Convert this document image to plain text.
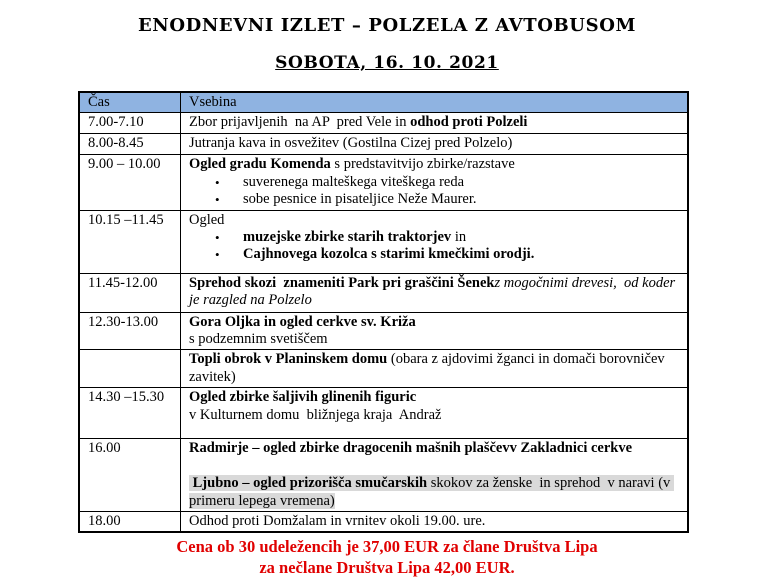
ENODNEVNI IZLET – POLZELA Z AVTOBUSOM
SOBOTA, 16. 10. 2021
Čas	Vsebina

7.00-7.10	Zbor prijavljenih  na AP  pred Vele in odhod proti Polzeli

8.00-8.45	Jutranja kava in osvežitev (Gostilna Cizej pred Polzelo)

9.00 – 10.00	Ogled gradu Komenda s predstavitvijo zbirke/razstave
• suverenega malteškega viteškega reda
• sobe pesnice in pisateljice Neže Maurer.

10.15 –11.45	Ogled
• muzejske zbirke starih traktorjev in
• Cajhnovega kozolca s starimi kmečkimi orodji.

11.45-12.00	Sprehod skozi  znameniti Park pri graščini Šenekz mogočnimi drevesi,  od koder je razgled na Polzelo

12.30-13.00	Gora Oljka in ogled cerkve sv. Križa
s podzemnim svetiščem

	Topli obrok v Planinskem domu (obara z ajdovimi žganci in domači borovničev zavitek)

14.30 –15.30	Ogled zbirke šaljivih glinenih figuric
v Kulturnem domu  bližnjega kraja  Andraž

16.00	Radmirje – ogled zbirke dragocenih mašnih plaščevv Zakladnici cerkve

Ljubno – ogled prizorišča smučarskih skokov za ženske  in sprehod  v naravi (v primeru lepega vremena)

18.00	Odhod proti Domžalam in vrnitev okoli 19.00. ure.
Cena ob 30 udeležencih je 37,00 EUR za člane Društva Lipa
za nečlane Društva Lipa 42,00 EUR.
